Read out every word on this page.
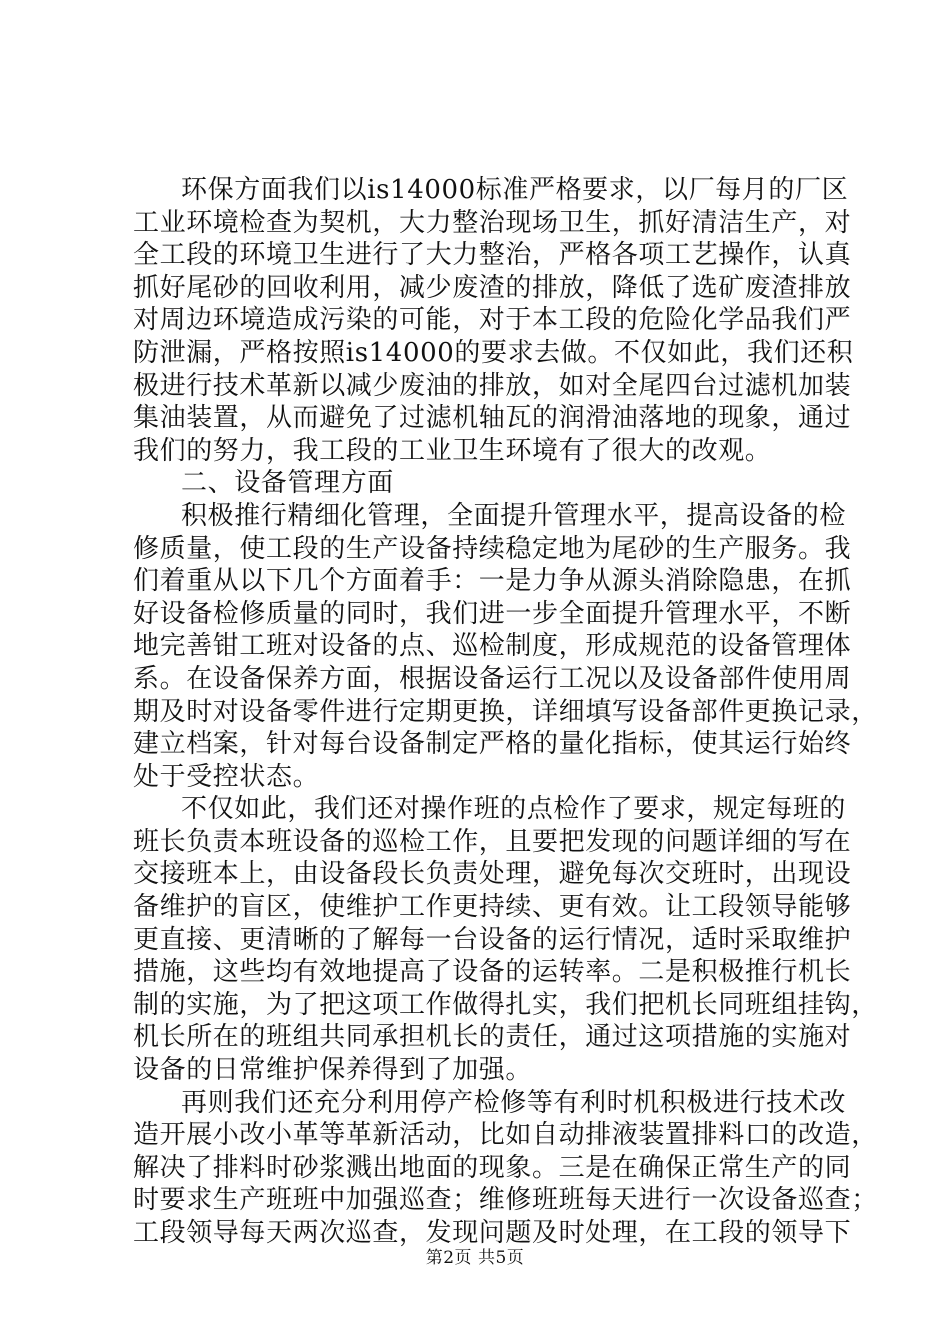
环保方面我们以is14000标准严格要求，以厂每月的厂区
工业环境检查为契机，大力整治现场卫生，抓好清洁生产，对
全工段的环境卫生进行了大力整治，严格各项工艺操作，认真
抓好尾砂的回收利用，减少废渣的排放，降低了选矿废渣排放
对周边环境造成污染的可能，对于本工段的危险化学品我们严
防泄漏，严格按照is14000的要求去做。不仅如此，我们还积
极进行技术革新以减少废油的排放，如对全尾四台过滤机加装
集油装置，从而避免了过滤机轴瓦的润滑油落地的现象，通过
我们的努力，我工段的工业卫生环境有了很大的改观。
二、设备管理方面
积极推行精细化管理，全面提升管理水平，提高设备的检
修质量，使工段的生产设备持续稳定地为尾砂的生产服务。我
们着重从以下几个方面着手：一是力争从源头消除隐患，在抓
好设备检修质量的同时，我们进一步全面提升管理水平，不断
地完善钳工班对设备的点、巡检制度，形成规范的设备管理体
系。在设备保养方面，根据设备运行工况以及设备部件使用周
期及时对设备零件进行定期更换，详细填写设备部件更换记录，
建立档案，针对每台设备制定严格的量化指标，使其运行始终
处于受控状态。
不仅如此，我们还对操作班的点检作了要求，规定每班的
班长负责本班设备的巡检工作，且要把发现的问题详细的写在
交接班本上，由设备段长负责处理，避免每次交班时，出现设
备维护的盲区，使维护工作更持续、更有效。让工段领导能够
更直接、更清晰的了解每一台设备的运行情况，适时采取维护
措施，这些均有效地提高了设备的运转率。二是积极推行机长
制的实施，为了把这项工作做得扎实，我们把机长同班组挂钩，
机长所在的班组共同承担机长的责任，通过这项措施的实施对
设备的日常维护保养得到了加强。
再则我们还充分利用停产检修等有利时机积极进行技术改
造开展小改小革等革新活动，比如自动排液装置排料口的改造，
解决了排料时砂浆溅出地面的现象。三是在确保正常生产的同
时要求生产班班中加强巡查；维修班班每天进行一次设备巡查；
工段领导每天两次巡查，发现问题及时处理，在工段的领导下
第2页 共5页
